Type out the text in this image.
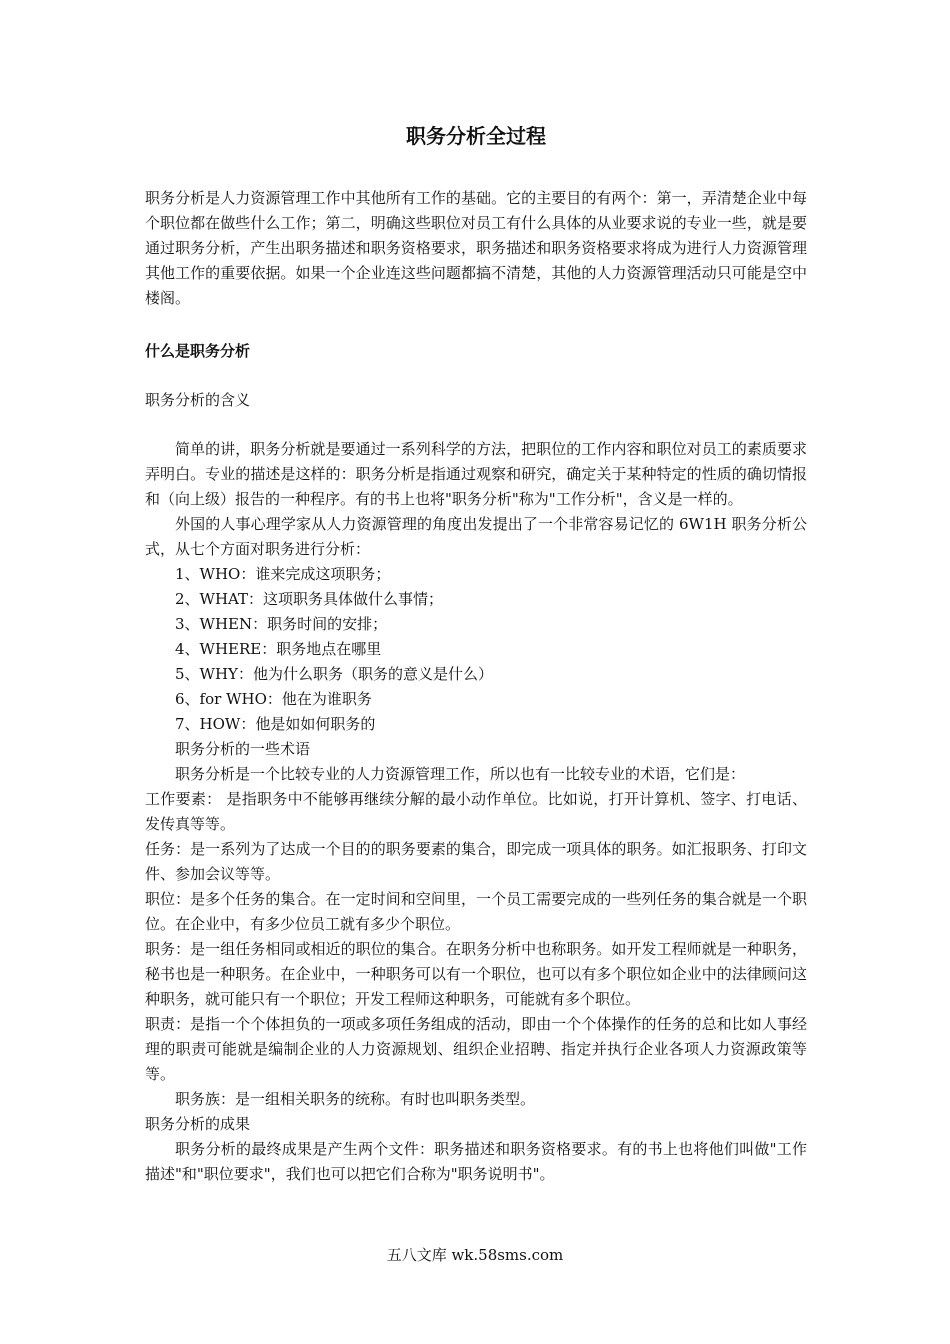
职务分析全过程

职务分析是人力资源管理工作中其他所有工作的基础。它的主要目的有两个：第一，弄清楚企业中每个职位都在做些什么工作；第二，明确这些职位对员工有什么具体的从业要求说的专业一些，就是要通过职务分析，产生出职务描述和职务资格要求，职务描述和职务资格要求将成为进行人力资源管理其他工作的重要依据。如果一个企业连这些问题都搞不清楚，其他的人力资源管理活动只可能是空中楼阁。

什么是职务分析

职务分析的含义

简单的讲，职务分析就是要通过一系列科学的方法，把职位的工作内容和职位对员工的素质要求弄明白。专业的描述是这样的：职务分析是指通过观察和研究，确定关于某种特定的性质的确切情报和（向上级）报告的一种程序。有的书上也将"职务分析"称为"工作分析"，含义是一样的。

外国的人事心理学家从人力资源管理的角度出发提出了一个非常容易记忆的 6W1H 职务分析公式，从七个方面对职务进行分析：

1、WHO：谁来完成这项职务；

2、WHAT：这项职务具体做什么事情；

3、WHEN：职务时间的安排；

4、WHERE：职务地点在哪里

5、WHY：他为什么职务（职务的意义是什么）

6、for WHO：他在为谁职务

7、HOW：他是如如何职务的

职务分析的一些术语

职务分析是一个比较专业的人力资源管理工作，所以也有一比较专业的术语，它们是：

工作要素： 是指职务中不能够再继续分解的最小动作单位。比如说，打开计算机、签字、打电话、发传真等等。

任务：是一系列为了达成一个目的的职务要素的集合，即完成一项具体的职务。如汇报职务、打印文件、参加会议等等。

职位：是多个任务的集合。在一定时间和空间里，一个员工需要完成的一些列任务的集合就是一个职位。在企业中，有多少位员工就有多少个职位。

职务：是一组任务相同或相近的职位的集合。在职务分析中也称职务。如开发工程师就是一种职务，秘书也是一种职务。在企业中，一种职务可以有一个职位，也可以有多个职位如企业中的法律顾问这种职务，就可能只有一个职位；开发工程师这种职务，可能就有多个职位。

职责：是指一个个体担负的一项或多项任务组成的活动，即由一个个体操作的任务的总和比如人事经理的职责可能就是编制企业的人力资源规划、组织企业招聘、指定并执行企业各项人力资源政策等等。

职务族：是一组相关职务的统称。有时也叫职务类型。

职务分析的成果

职务分析的最终成果是产生两个文件：职务描述和职务资格要求。有的书上也将他们叫做"工作描述"和"职位要求"，我们也可以把它们合称为"职务说明书"。

五八文库 wk.58sms.com
